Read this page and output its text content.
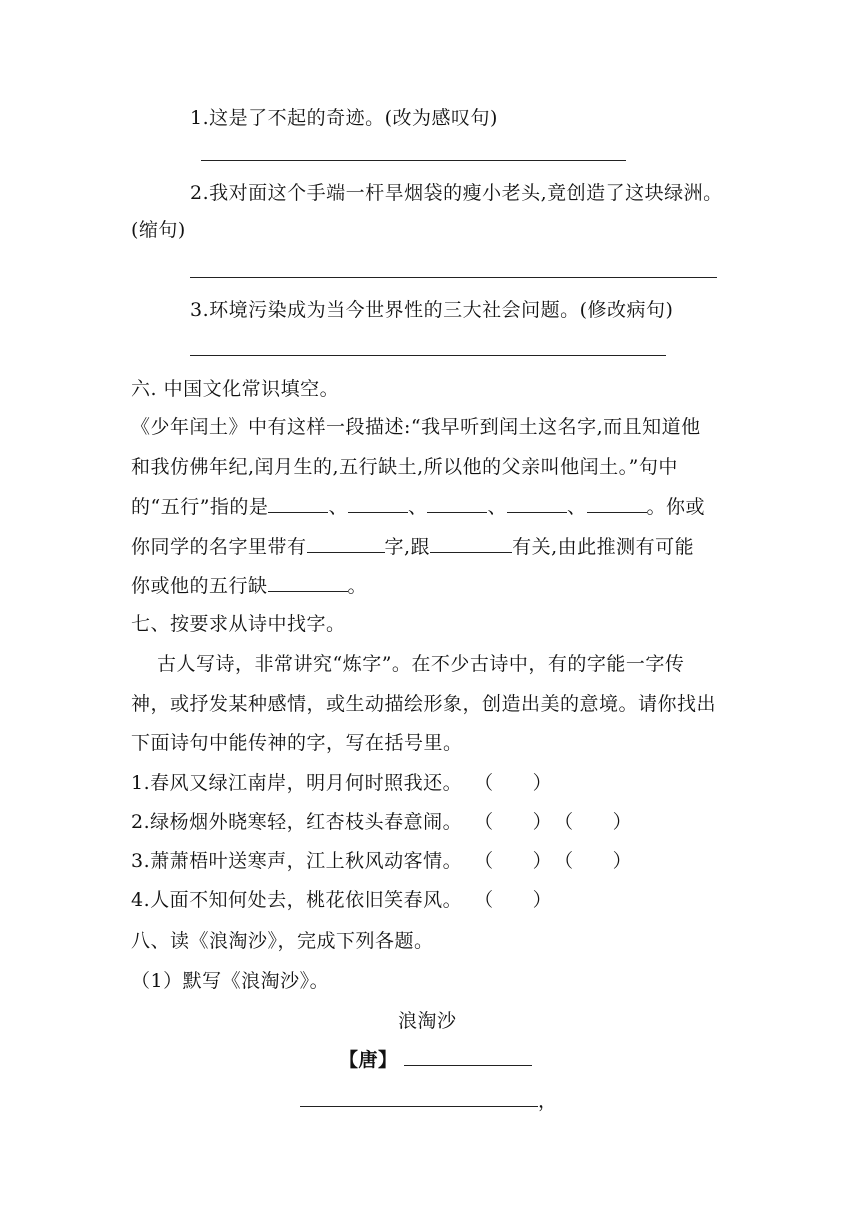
1.这是了不起的奇迹。(改为感叹句)
2.我对面这个手端一杆旱烟袋的瘦小老头,竟创造了这块绿洲。
(缩句)
3.环境污染成为当今世界性的三大社会问题。(修改病句)
六. 中国文化常识填空。
《少年闰土》中有这样一段描述:“我早听到闰土这名字,而且知道他
和我仿佛年纪,闰月生的,五行缺土,所以他的父亲叫他闰土。”句中
的“五行”指的是	、	、	、	、	。你或
你同学的名字里带有	字,跟	有关,由此推测有可能
你或他的五行缺	。
七、按要求从诗中找字。
古人写诗，非常讲究“炼字”。在不少古诗中，有的字能一字传
神，或抒发某种感情，或生动描绘形象，创造出美的意境。请你找出
下面诗句中能传神的字，写在括号里。
1.春风又绿江南岸，明月何时照我还。 （　　）
2.绿杨烟外晓寒轻，红杏枝头春意闹。 （　　） （　　）
3.萧萧梧叶送寒声，江上秋风动客情。 （　　） （　　）
4.人面不知何处去，桃花依旧笑春风。 （　　）
八、读《浪淘沙》，完成下列各题。
（1）默写《浪淘沙》。
浪淘沙
【唐】
，
